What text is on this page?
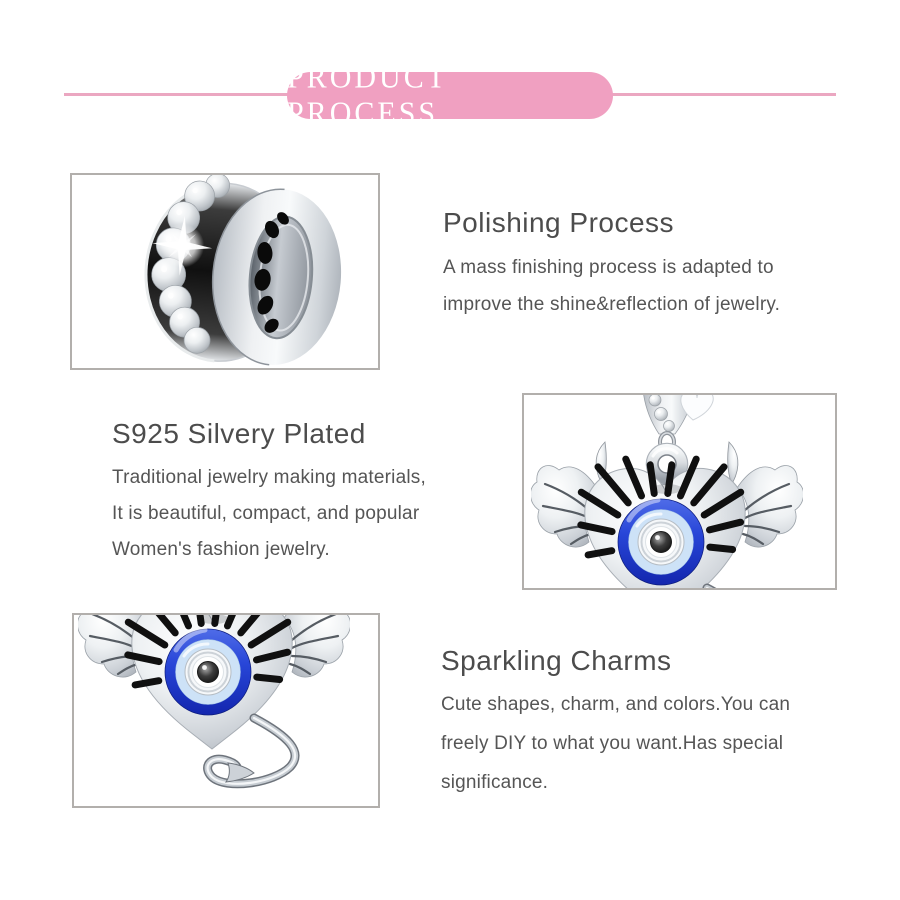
PRODUCT PROCESS
Polishing Process
A mass finishing process is adapted to
improve the shine&reflection of jewelry.
S925 Silvery Plated
Traditional jewelry making materials,
It is beautiful, compact, and popular
Women's fashion jewelry.
Sparkling Charms
Cute shapes, charm, and colors.You can
freely DIY to what you want.Has special
significance.
